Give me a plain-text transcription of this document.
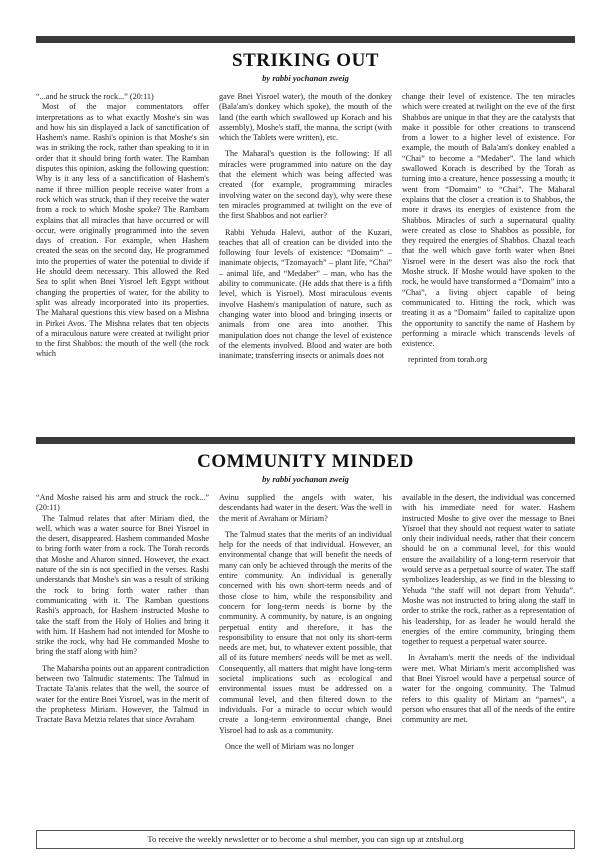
STRIKING OUT

by rabbi yochanan zweig

“...and he struck the rock...” (20:11)

Most of the major commentators offer interpretations as to what exactly Moshe's sin was and how his sin displayed a lack of sanctification of Hashem's name. Rashi's opinion is that Moshe's sin was in striking the rock, rather than speaking to it in order that it should bring forth water. The Ramban disputes this opinion, asking the following question: Why is it any less of a sanctification of Hashem's name if three million people receive water from a rock which was struck, than if they receive the water from a rock to which Moshe spoke? The Rambam explains that all miracles that have occurred or will occur, were originally programmed into the seven days of creation. For example, when Hashem created the seas on the second day, He programmed into the properties of water the potential to divide if He should deem necessary. This allowed the Red Sea to split when Bnei Yisroel left Egypt without changing the properties of water, for the ability to split was already incorporated into its properties. The Maharal questions this view based on a Mishna in Pirkei Avos. The Mishna relates that ten objects of a miraculous nature were created at twilight prior to the first Shabbos: the mouth of the well (the rock which

gave Bnei Yisroel water), the mouth of the donkey (Bala'am's donkey which spoke), the mouth of the land (the earth which swallowed up Korach and his assembly), Moshe's staff, the manna, the script (with which the Tablets were written), etc.

The Maharal's question is the following: If all miracles were programmed into nature on the day that the element which was being affected was created (for example, programming miracles involving water on the second day), why were these ten miracles programmed at twilight on the eve of the first Shabbos and not earlier?

Rabbi Yehuda Halevi, author of the Kuzari, teaches that all of creation can be divided into the following four levels of existence: “Domaim” – inanimate objects, “Tzomayach” – plant life, “Chai” – animal life, and “Medaber” – man, who has the ability to communicate. (He adds that there is a fifth level, which is Yisroel). Most miraculous events involve Hashem's manipulation of nature, such as changing water into blood and bringing insects or animals from one area into another. This manipulation does not change the level of existence of the elements involved. Blood and water are both inanimate; transferring insects or animals does not

change their level of existence. The ten miracles which were created at twilight on the eve of the first Shabbos are unique in that they are the catalysts that make it possible for other creations to transcend from a lower to a higher level of existence. For example, the mouth of Bala'am's donkey enabled a “Chai” to become a “Medaber”. The land which swallowed Korach is described by the Torah as turning into a creature, hence possessing a mouth; it went from “Domaim” to “Chai”. The Maharal explains that the closer a creation is to Shabbos, the more it draws its energies of existence from the Shabbos. Miracles of such a supernatural quality were created as close to Shabbos as possible, for they required the energies of Shabbos. Chazal teach that the well which gave forth water when Bnei Yisroel were in the desert was also the rock that Moshe struck. If Moshe would have spoken to the rock, he would have transformed a “Domaim” into a “Chai”, a living object capable of being communicated to. Hitting the rock, which was treating it as a “Domaim” failed to capitalize upon the opportunity to sanctify the name of Hashem by performing a miracle which transcends levels of existence.

reprinted from torah.org

COMMUNITY MINDED

by rabbi yochanan zweig

“And Moshe raised his arm and struck the rock...” (20:11)

The Talmud relates that after Miriam died, the well, which was a water source for Bnei Yisroel in the desert, disappeared. Hashem commanded Moshe to bring forth water from a rock. The Torah records that Moshe and Aharon sinned. However, the exact nature of the sin is not specified in the verses. Rashi understands that Moshe's sin was a result of striking the rock to bring forth water rather than communicating with it. The Ramban questions Rashi's approach, for Hashem instructed Moshe to take the staff from the Holy of Holies and bring it with him. If Hashem had not intended for Moshe to strike the rock, why had He commanded Moshe to bring the staff along with him?

The Maharsha points out an apparent contradiction between two Talmudic statements: The Talmud in Tractate Ta'anis relates that the well, the source of water for the entire Bnei Yisroel, was in the merit of the prophetess Miriam. However, the Talmud in Tractate Bava Metzia relates that since Avraham

Avinu supplied the angels with water, his descendants had water in the desert. Was the well in the merit of Avraham or Miriam?

The Talmud states that the merits of an individual help for the needs of that individual. However, an environmental change that will benefit the needs of many can only be achieved through the merits of the entire community. An individual is generally concerned with his own short-term needs and of those close to him, while the responsibility and concern for long-term needs is borne by the community. A community, by nature, is an ongoing perpetual entity and therefore, it has the responsibility to ensure that not only its short-term needs are met, but, to whatever extent possible, that all of its future members' needs will be met as well. Consequently, all matters that might have long-term societal implications such as ecological and environmental issues must be addressed on a communal level, and then filtered down to the individuals. For a miracle to occur which would create a long-term environmental change, Bnei Yisroel had to ask as a community.

Once the well of Miriam was no longer

available in the desert, the individual was concerned with his immediate need for water. Hashem instructed Moshe to give over the message to Bnei Yisroel that they should not request water to satiate only their individual needs, rather that their concern should be on a communal level, for this would ensure the availability of a long-term reservoir that would serve as a perpetual source of water. The staff symbolizes leadership, as we find in the blessing to Yehuda “the staff will not depart from Yehuda”. Moshe was not instructed to bring along the staff in order to strike the rock, rather as a representation of his leadership, for as leader he would herald the energies of the entire community, bringing them together to request a perpetual water source.

In Avraham's merit the needs of the individual were met. What Miriam's merit accomplished was that Bnei Yisroel would have a perpetual source of water for the ongoing community. The Talmud refers to this quality of Miriam an “parnes”, a person who ensures that all of the needs of the entire community are met.

To receive the weekly newsletter or to become a shul member, you can sign up at zntshul.org
